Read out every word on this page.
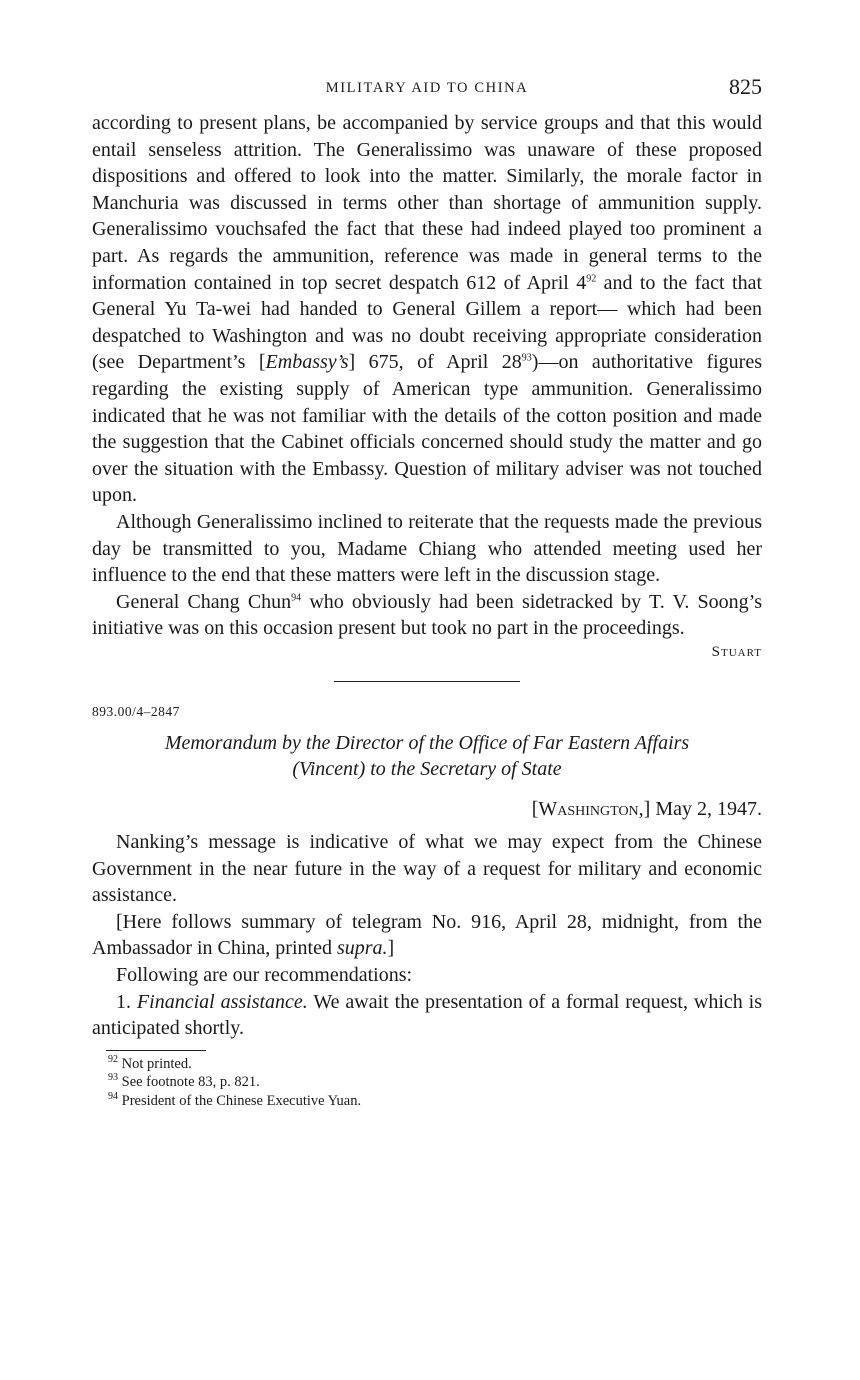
MILITARY AID TO CHINA	825

according to present plans, be accompanied by service groups and that this would entail senseless attrition. The Generalissimo was unaware of these proposed dispositions and offered to look into the matter. Similarly, the morale factor in Manchuria was discussed in terms other than shortage of ammunition supply. Generalissimo vouchsafed the fact that these had indeed played too prominent a part. As regards the ammunition, reference was made in general terms to the information contained in top secret despatch 612 of April $4^{92}$ and to the fact that General Yu Ta-wei had handed to General Gillem a report— which had been despatched to Washington and was no doubt receiving appropriate consideration (see Department’s [Embassy’s] 675, of April $28^{93})—on$ authoritative figures regarding the existing supply of American type ammunition. Generalissimo indicated that he was not familiar with the details of the cotton position and made the suggestion that the Cabinet officials concerned should study the matter and go over the situation with the Embassy. Question of military adviser was not touched upon.

Although Generalissimo inclined to reiterate that the requests made the previous day be transmitted to you, Madame Chiang who attended meeting used her influence to the end that these matters were left in the discussion stage.

General Chang Chun$^{94}$ who obviously had been sidetracked by T. V. Soong’s initiative was on this occasion present but took no part in the proceedings.

Stuart
893.00/4–2847
Memorandum by the Director of the Office of Far Eastern Affairs
(Vincent) to the Secretary of State
[Washington,] May 2, 1947.

Nanking’s message is indicative of what we may expect from the Chinese Government in the near future in the way of a request for military and economic assistance.

[Here follows summary of telegram No. 916, April 28, midnight, from the Ambassador in China, printed supra.]

Following are our recommendations:

1. Financial assistance. We await the presentation of a formal request, which is anticipated shortly.

$^{92}$ Not printed.
$^{93}$ See footnote 83, p. 821.
$^{94}$ President of the Chinese Executive Yuan.
